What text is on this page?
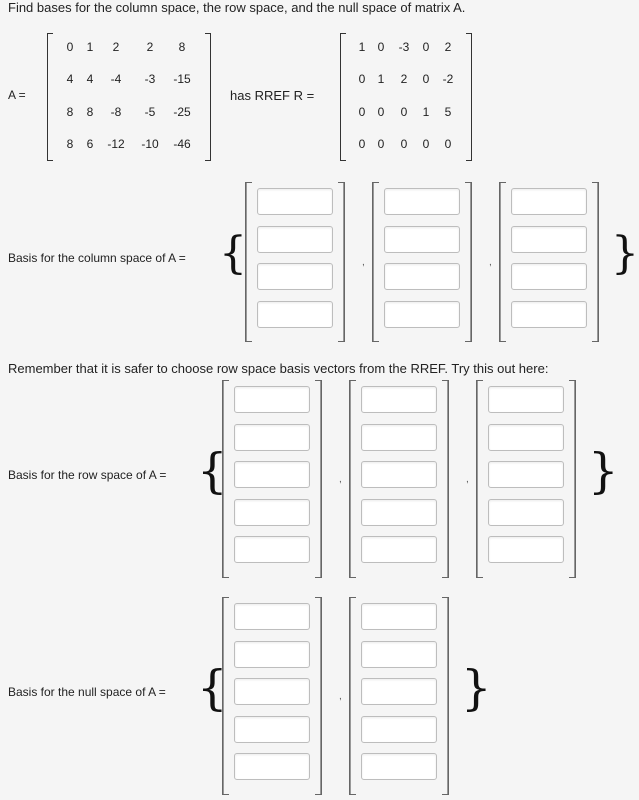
Find bases for the column space, the row space, and the null space of matrix A.
A =
0	1	2	2	8
4	4	-4	-3	-15
8	8	-8	-5	-25
8	6	-12 -10 -46
has RREF R =
1	0	-3	0	2
0	1	2	0	-2
0	0	0	1	5
0	0	0	0	0
Basis for the column space of A =	,	,
{	}
Remember that it is safer to choose row space basis vectors from the RREF. Try this out here:
Basis for the row space of A =	,	,
{	}
Basis for the null space of A =	,
{	}
